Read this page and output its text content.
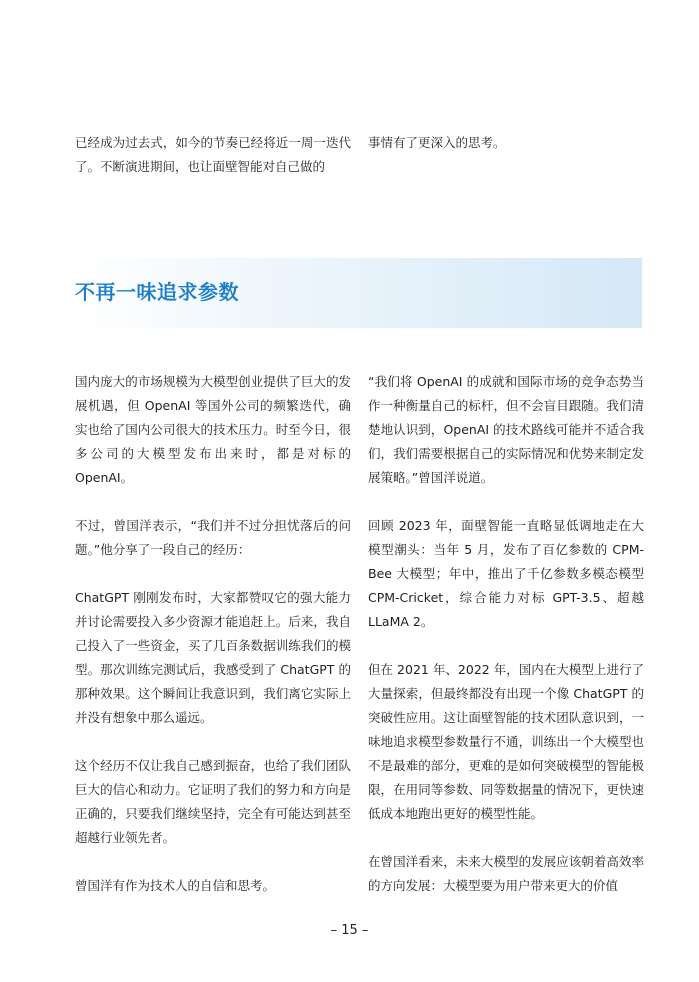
已经成为过去式，如今的节奏已经将近一周一迭代了。不断演进期间，也让面壁智能对自己做的

事情有了更深入的思考。

不再一味追求参数

国内庞大的市场规模为大模型创业提供了巨大的发展机遇，但 OpenAI 等国外公司的频繁迭代，确实也给了国内公司很大的技术压力。时至今日，很多公司的大模型发布出来时，都是对标的 OpenAI。

不过，曾国洋表示，“我们并不过分担忧落后的问题。”他分享了一段自己的经历：

ChatGPT 刚刚发布时，大家都赞叹它的强大能力并讨论需要投入多少资源才能追赶上。后来，我自己投入了一些资金，买了几百条数据训练我们的模型。那次训练完测试后，我感受到了 ChatGPT 的那种效果。这个瞬间让我意识到，我们离它实际上并没有想象中那么遥远。

这个经历不仅让我自己感到振奋，也给了我们团队巨大的信心和动力。它证明了我们的努力和方向是正确的，只要我们继续坚持，完全有可能达到甚至超越行业领先者。

曾国洋有作为技术人的自信和思考。

“我们将 OpenAI 的成就和国际市场的竞争态势当作一种衡量自己的标杆，但不会盲目跟随。我们清楚地认识到，OpenAI 的技术路线可能并不适合我们，我们需要根据自己的实际情况和优势来制定发展策略。”曾国洋说道。

回顾 2023 年，面壁智能一直略显低调地走在大模型潮头：当年 5 月，发布了百亿参数的 CPM-Bee 大模型；年中，推出了千亿参数多模态模型 CPM-Cricket，综合能力对标 GPT-3.5、超越 LLaMA 2。

但在 2021 年、2022 年，国内在大模型上进行了大量探索，但最终都没有出现一个像 ChatGPT 的突破性应用。这让面壁智能的技术团队意识到，一味地追求模型参数量行不通，训练出一个大模型也不是最难的部分，更难的是如何突破模型的智能极限，在用同等参数、同等数据量的情况下，更快速低成本地跑出更好的模型性能。

在曾国洋看来，未来大模型的发展应该朝着高效率的方向发展：大模型要为用户带来更大的价值

– 15 –
